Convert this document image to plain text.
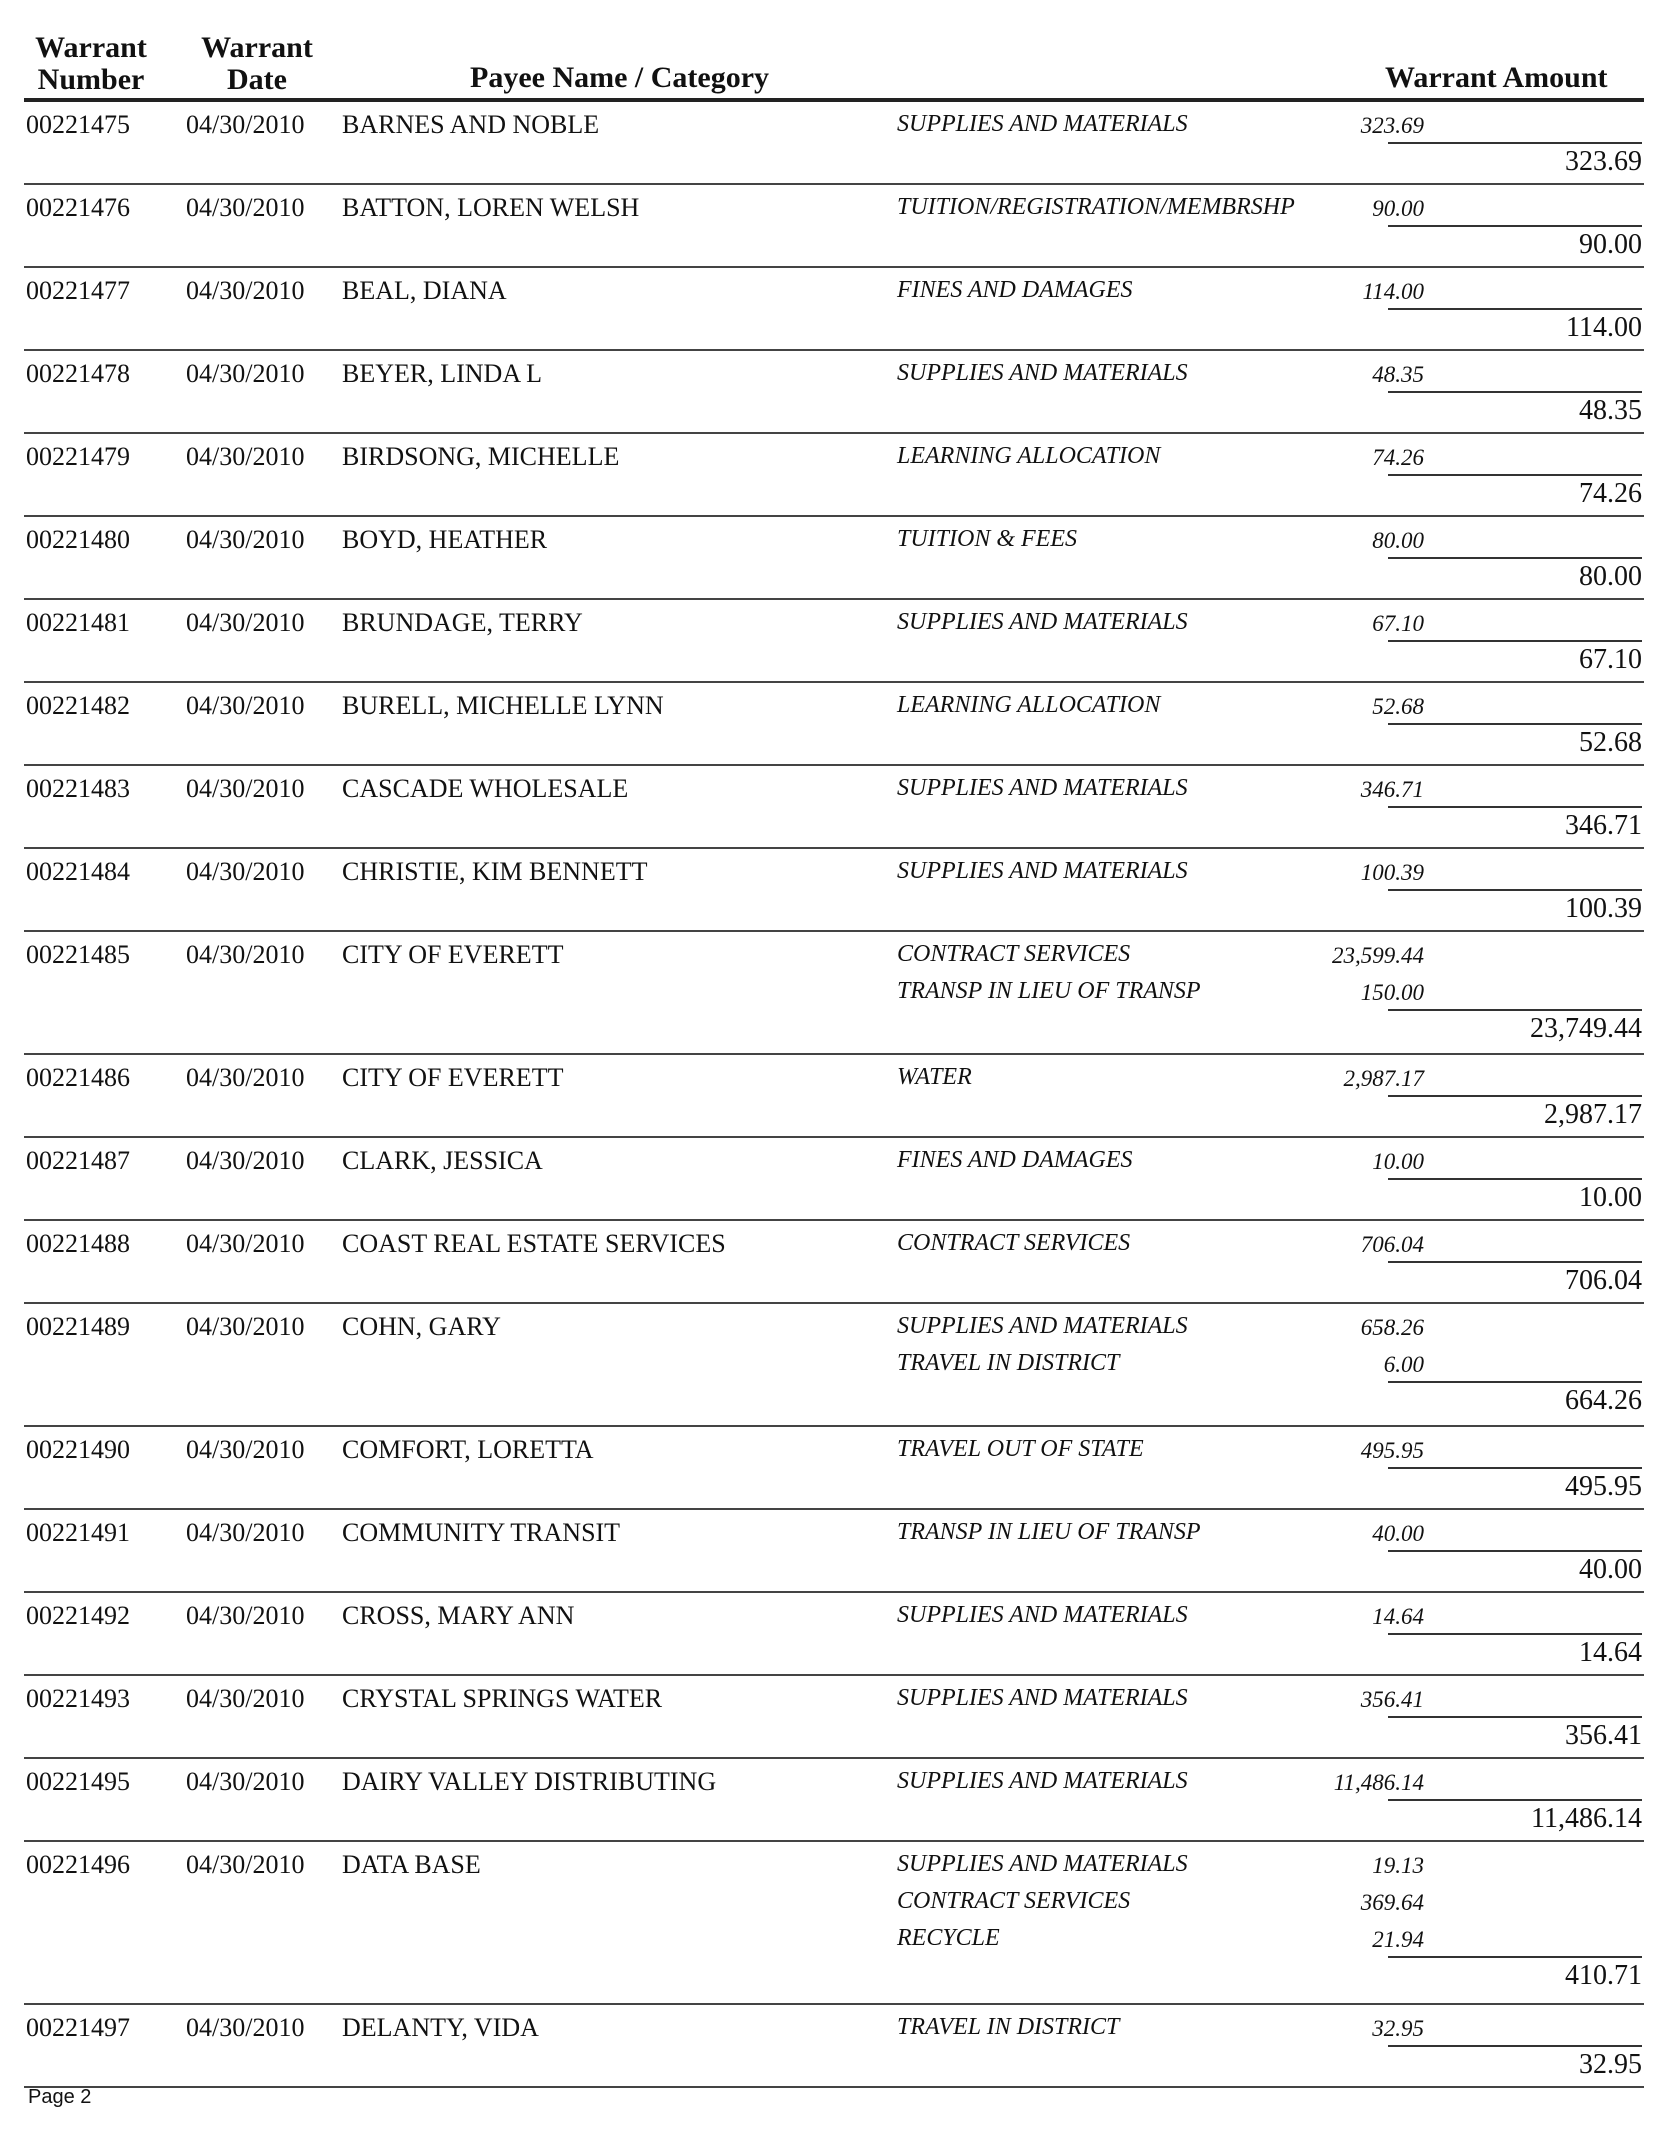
Warrant
Number
Warrant
Date	Payee Name / Category	Warrant Amount
00221475 04/30/2010 BARNES AND NOBLE	SUPPLIES AND MATERIALS	323.69
323.69
00221476 04/30/2010 BATTON, LOREN WELSH	TUITION/REGISTRATION/MEMBRSHP	90.00
90.00
00221477 04/30/2010 BEAL, DIANA	FINES AND DAMAGES	114.00
114.00
00221478 04/30/2010 BEYER, LINDA L	SUPPLIES AND MATERIALS	48.35
48.35
00221479 04/30/2010 BIRDSONG, MICHELLE	LEARNING ALLOCATION	74.26
74.26
00221480 04/30/2010 BOYD, HEATHER	TUITION & FEES	80.00
80.00
00221481 04/30/2010 BRUNDAGE, TERRY	SUPPLIES AND MATERIALS	67.10
67.10
00221482 04/30/2010 BURELL, MICHELLE LYNN	LEARNING ALLOCATION	52.68
52.68
00221483 04/30/2010 CASCADE WHOLESALE	SUPPLIES AND MATERIALS	346.71
346.71
00221484 04/30/2010 CHRISTIE, KIM BENNETT	SUPPLIES AND MATERIALS	100.39
100.39
00221485 04/30/2010 CITY OF EVERETT	CONTRACT SERVICES	23,599.44
TRANSP IN LIEU OF TRANSP	150.00
23,749.44
00221486 04/30/2010 CITY OF EVERETT	WATER	2,987.17
2,987.17
00221487 04/30/2010 CLARK, JESSICA	FINES AND DAMAGES	10.00
10.00
00221488 04/30/2010 COAST REAL ESTATE SERVICES	CONTRACT SERVICES	706.04
706.04
00221489 04/30/2010 COHN, GARY	SUPPLIES AND MATERIALS	658.26
TRAVEL IN DISTRICT	6.00
664.26
00221490 04/30/2010 COMFORT, LORETTA	TRAVEL OUT OF STATE	495.95
495.95
00221491 04/30/2010 COMMUNITY TRANSIT	TRANSP IN LIEU OF TRANSP	40.00
40.00
00221492 04/30/2010 CROSS, MARY ANN	SUPPLIES AND MATERIALS	14.64
14.64
00221493 04/30/2010 CRYSTAL SPRINGS WATER	SUPPLIES AND MATERIALS	356.41
356.41
00221495 04/30/2010 DAIRY VALLEY DISTRIBUTING	SUPPLIES AND MATERIALS	11,486.14
11,486.14
00221496 04/30/2010 DATA BASE	SUPPLIES AND MATERIALS	19.13
CONTRACT SERVICES	369.64
RECYCLE	21.94
410.71
00221497 04/30/2010 DELANTY, VIDA	TRAVEL IN DISTRICT	32.95
32.95
Page 2
